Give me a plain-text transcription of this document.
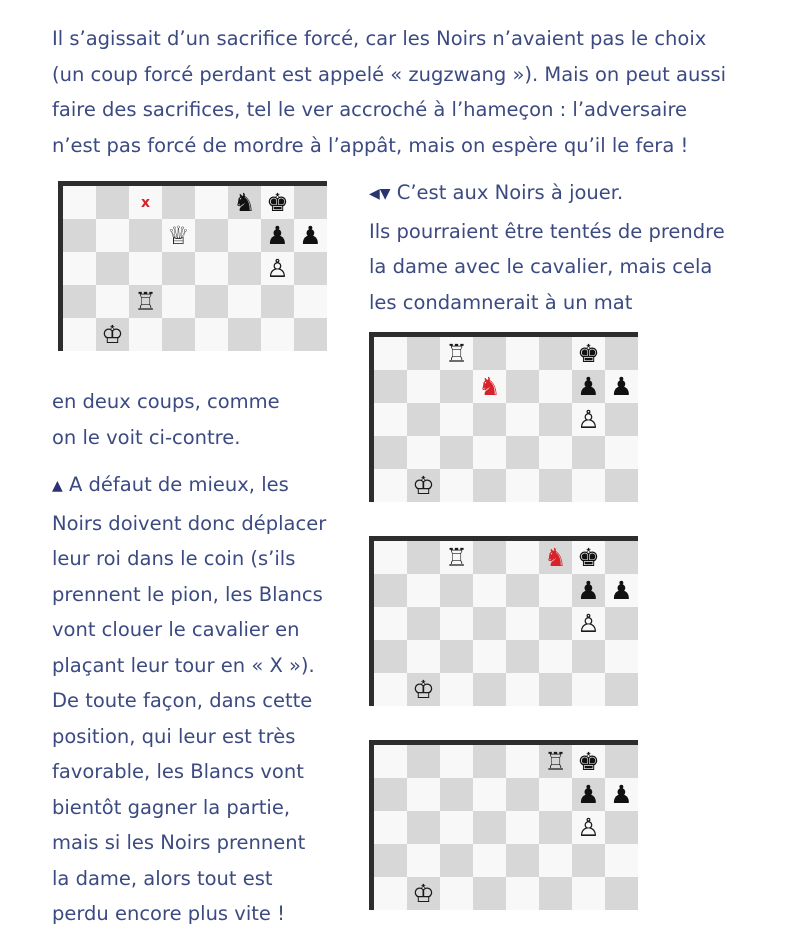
Il s’agissait d’un sacrifice forcé, car les Noirs n’avaient pas le choix
(un coup forcé perdant est appelé « zugzwang »). Mais on peut aussi
faire des sacrifices, tel le ver accroché à l’hameçon : l’adversaire
n’est pas forcé de mordre à l’appât, mais on espère qu’il le fera !

x	♞ ♚
♕	♟ ♟
♙
♖
♔

◀▼ C’est aux Noirs à jouer.
Ils pourraient être tentés de prendre
la dame avec le cavalier, mais cela
les condamnerait à un mat

♖	♚
♞	♟ ♟
♙
♔

en deux coups, comme
on le voit ci-contre.

▲ A défaut de mieux, les
Noirs doivent donc déplacer
leur roi dans le coin (s’ils
prennent le pion, les Blancs
vont clouer le cavalier en
plaçant leur tour en « X »).
De toute façon, dans cette
position, qui leur est très
favorable, les Blancs vont
bientôt gagner la partie,
mais si les Noirs prennent
la dame, alors tout est
perdu encore plus vite !

♖	♞ ♚
♟ ♟
♙
♔
♖ ♚
♟ ♟
♙
♔
